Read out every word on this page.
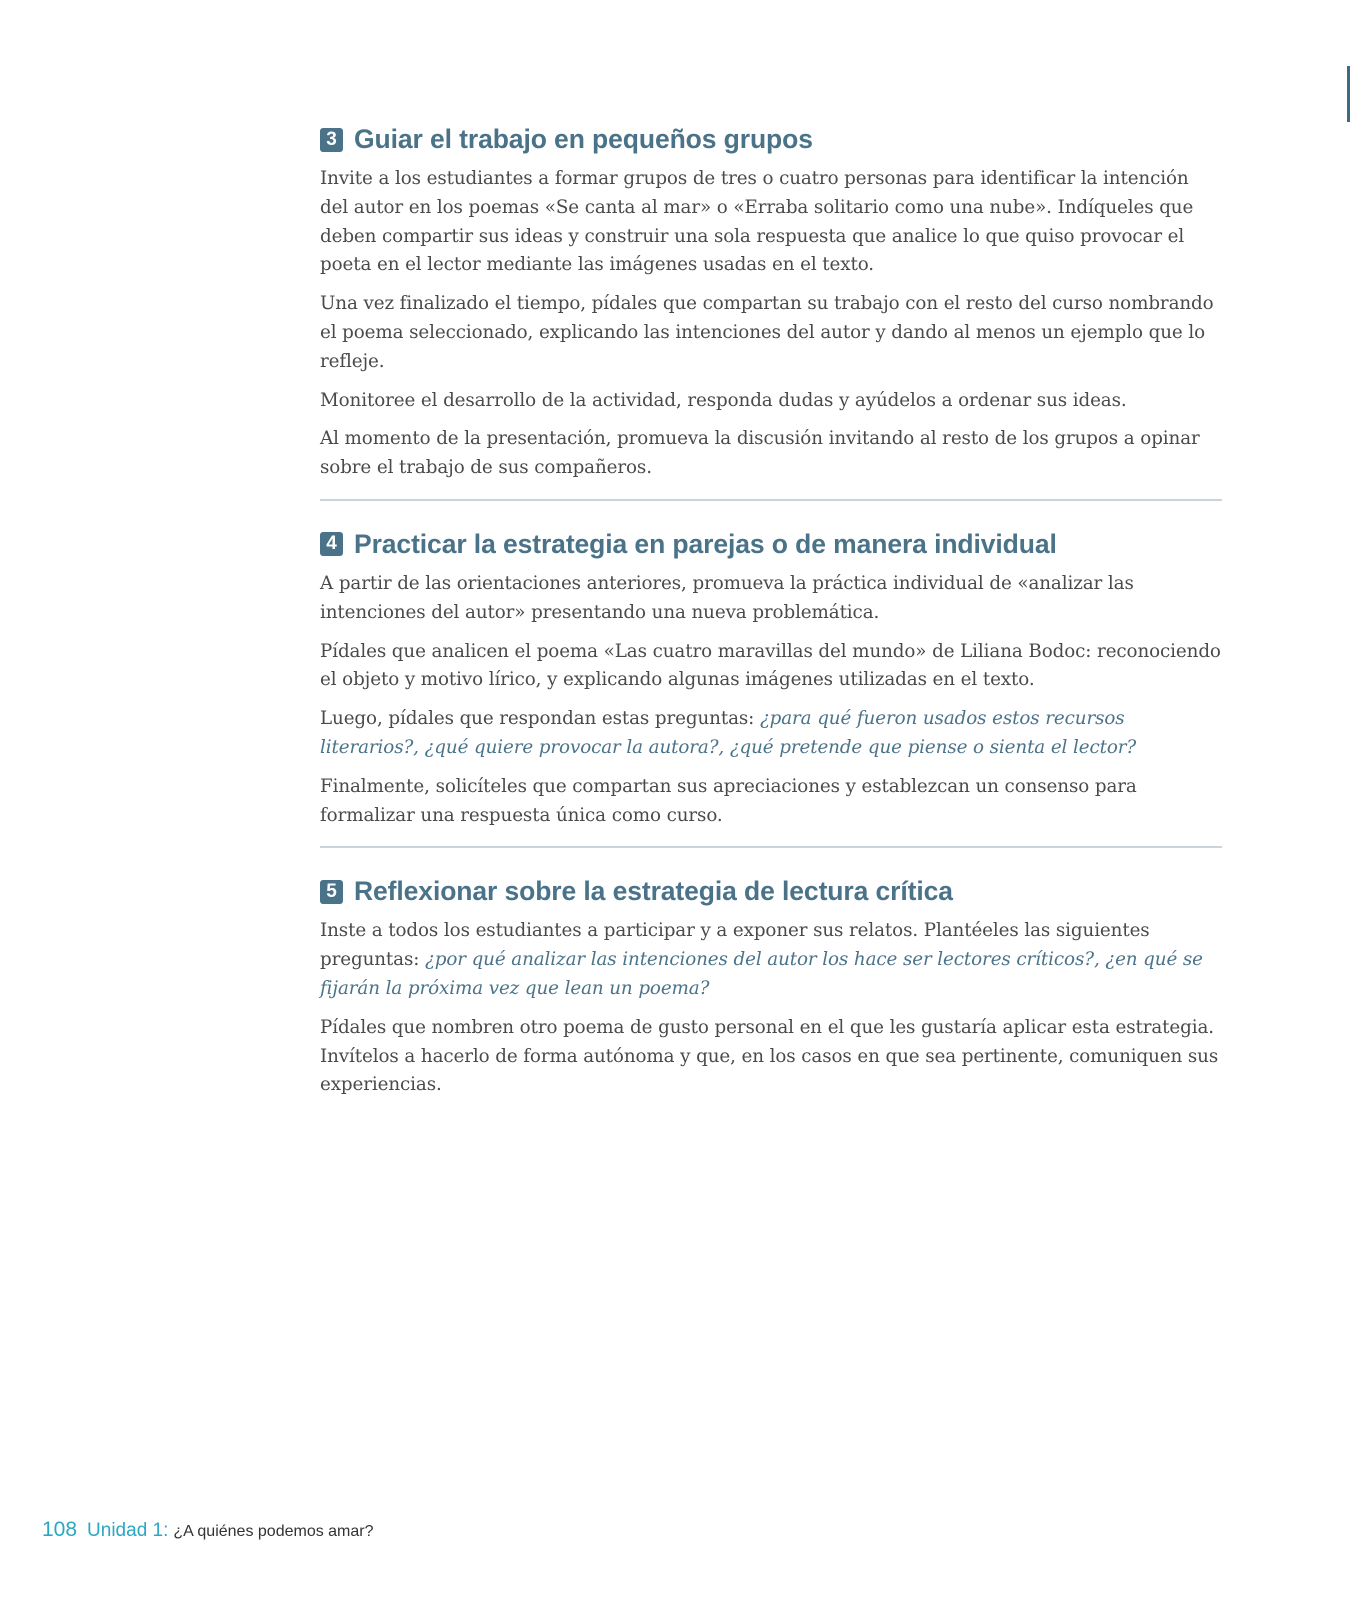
3 Guiar el trabajo en pequeños grupos

Invite a los estudiantes a formar grupos de tres o cuatro personas para identificar la intención del autor en los poemas «Se canta al mar» o «Erraba solitario como una nube». Indíqueles que deben compartir sus ideas y construir una sola respuesta que analice lo que quiso provocar el poeta en el lector mediante las imágenes usadas en el texto.

Una vez finalizado el tiempo, pídales que compartan su trabajo con el resto del curso nombrando el poema seleccionado, explicando las intenciones del autor y dando al menos un ejemplo que lo refleje.

Monitoree el desarrollo de la actividad, responda dudas y ayúdelos a ordenar sus ideas.

Al momento de la presentación, promueva la discusión invitando al resto de los grupos a opinar sobre el trabajo de sus compañeros.

4 Practicar la estrategia en parejas o de manera individual

A partir de las orientaciones anteriores, promueva la práctica individual de «analizar las intenciones del autor» presentando una nueva problemática.

Pídales que analicen el poema «Las cuatro maravillas del mundo» de Liliana Bodoc: reconociendo el objeto y motivo lírico, y explicando algunas imágenes utilizadas en el texto.

Luego, pídales que respondan estas preguntas: ¿para qué fueron usados estos recursos literarios?, ¿qué quiere provocar la autora?, ¿qué pretende que piense o sienta el lector?

Finalmente, solicíteles que compartan sus apreciaciones y establezcan un consenso para formalizar una respuesta única como curso.

5 Reflexionar sobre la estrategia de lectura crítica

Inste a todos los estudiantes a participar y a exponer sus relatos. Plantéeles las siguientes preguntas: ¿por qué analizar las intenciones del autor los hace ser lectores críticos?, ¿en qué se fijarán la próxima vez que lean un poema?

Pídales que nombren otro poema de gusto personal en el que les gustaría aplicar esta estrategia. Invítelos a hacerlo de forma autónoma y que, en los casos en que sea pertinente, comuniquen sus experiencias.

108 Unidad 1: ¿A quiénes podemos amar?
